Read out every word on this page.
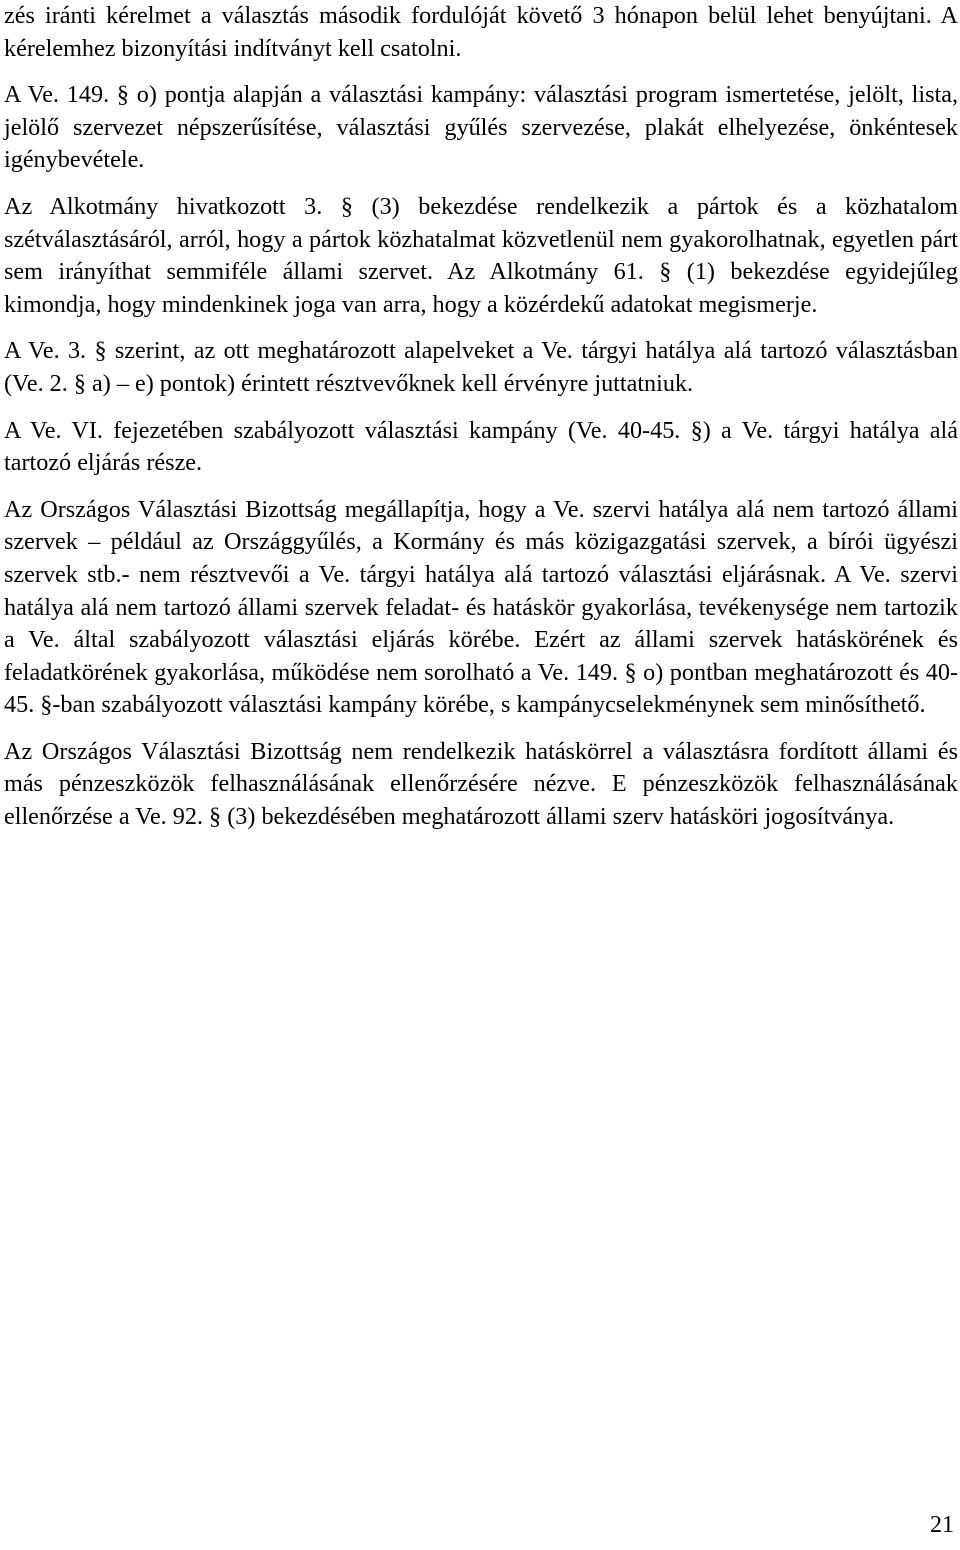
zés iránti kérelmet a választás második fordulóját követő 3 hónapon belül lehet benyújtani. A kérelemhez bizonyítási indítványt kell csatolni.

A Ve. 149. § o) pontja alapján a választási kampány: választási program ismertetése, jelölt, lista, jelölő szervezet népszerűsítése, választási gyűlés szervezése, plakát elhelyezése, önkéntesek igénybevétele.

Az Alkotmány hivatkozott 3. § (3) bekezdése rendelkezik a pártok és a közhatalom szétválasztásáról, arról, hogy a pártok közhatalmat közvetlenül nem gyakorolhatnak, egyetlen párt sem irányíthat semmiféle állami szervet. Az Alkotmány 61. § (1) bekezdése egyidejűleg kimondja, hogy mindenkinek joga van arra, hogy a közérdekű adatokat megismerje.

A Ve. 3. § szerint, az ott meghatározott alapelveket a Ve. tárgyi hatálya alá tartozó választásban (Ve. 2. § a) – e) pontok) érintett résztvevőknek kell érvényre juttatniuk.

A Ve. VI. fejezetében szabályozott választási kampány (Ve. 40-45. §) a Ve. tárgyi hatálya alá tartozó eljárás része.

Az Országos Választási Bizottság megállapítja, hogy a Ve. szervi hatálya alá nem tartozó állami szervek – például az Országgyűlés, a Kormány és más közigazgatási szervek, a bírói ügyészi szervek stb.- nem résztvevői a Ve. tárgyi hatálya alá tartozó választási eljárásnak. A Ve. szervi hatálya alá nem tartozó állami szervek feladat- és hatáskör gyakorlása, tevékenysége nem tartozik a Ve. által szabályozott választási eljárás körébe. Ezért az állami szervek hatáskörének és feladatkörének gyakorlása, működése nem sorolható a Ve. 149. § o) pontban meghatározott és 40-45. §-ban szabályozott választási kampány körébe, s kampánycselekménynek sem minősíthető.

Az Országos Választási Bizottság nem rendelkezik hatáskörrel a választásra fordított állami és más pénzeszközök felhasználásának ellenőrzésére nézve. E pénzeszközök felhasználásának ellenőrzése a Ve. 92. § (3) bekezdésében meghatározott állami szerv hatásköri jogosítványa.

21
